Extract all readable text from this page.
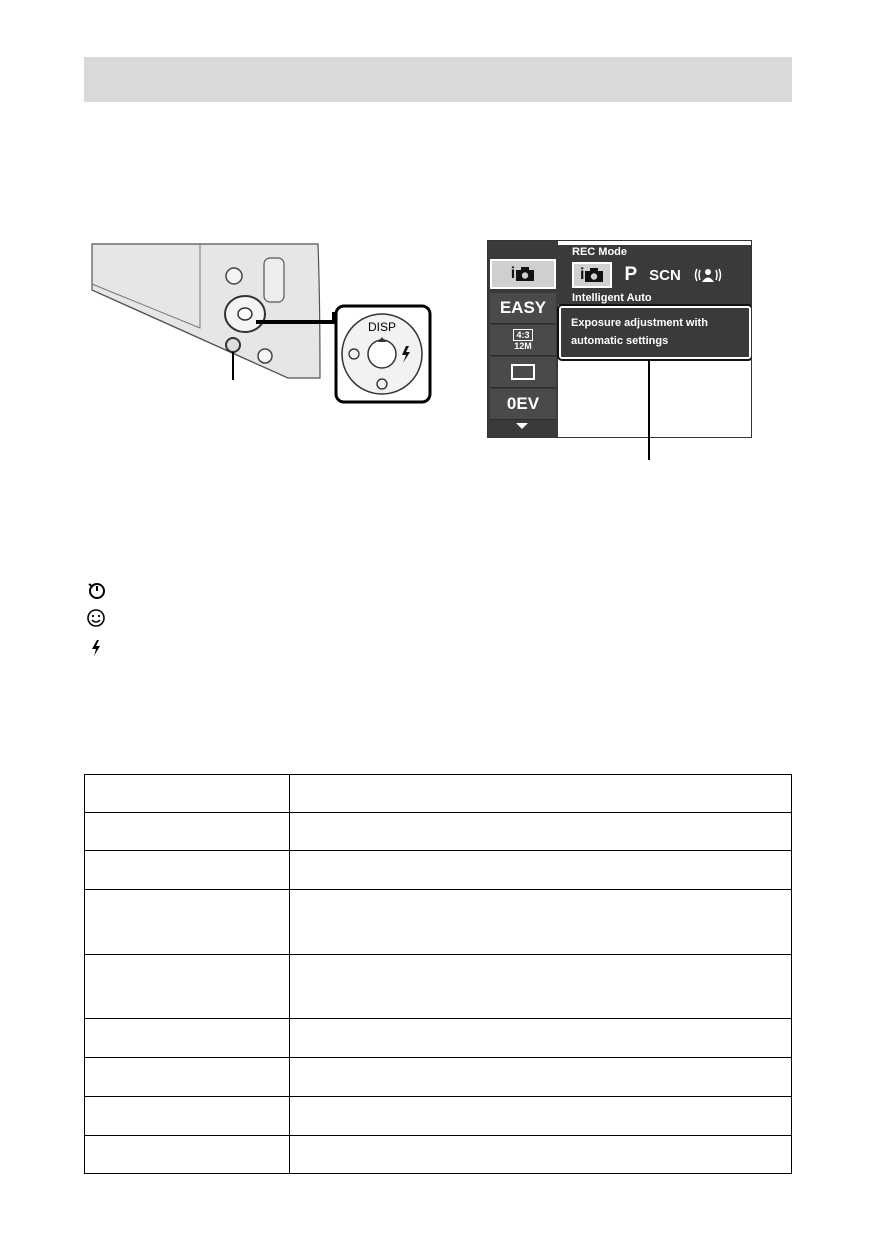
DISP
i
EASY
4:3
12M
0EV
REC Mode
i P SCN
Intelligent Auto
Exposure adjustment with
automatic settings
